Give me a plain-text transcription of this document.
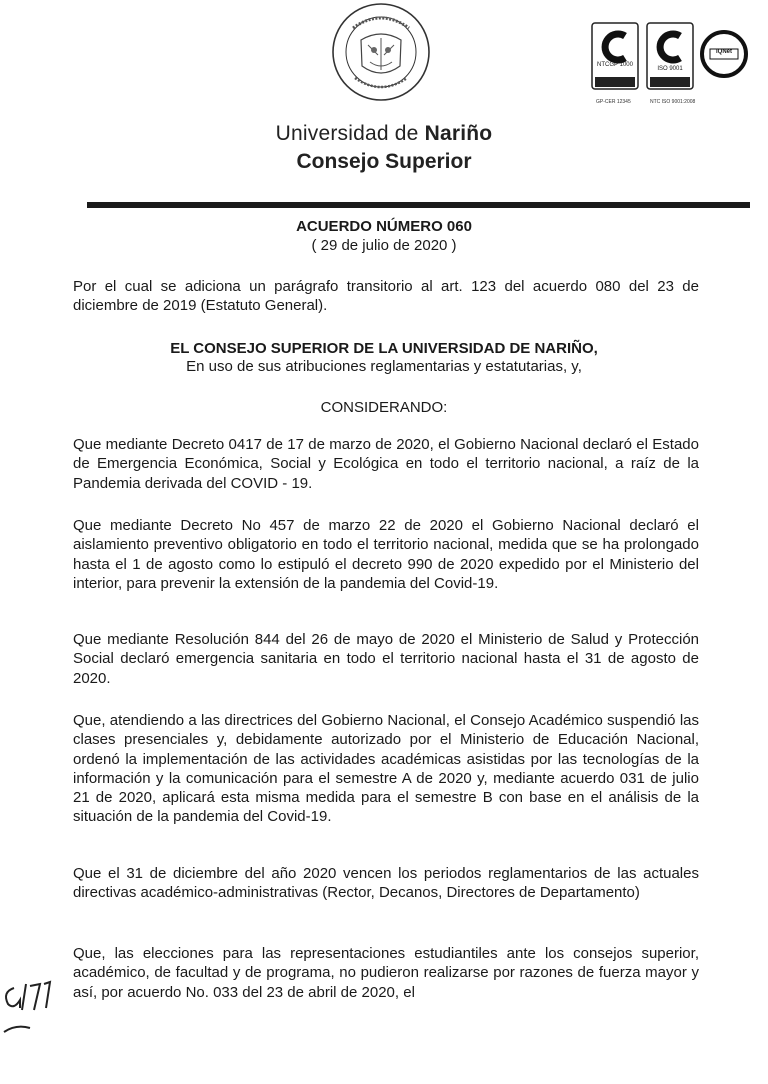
NTCGP 1000
ISO 9001
IQNet
GP-CER 12345	NTC ISO 9001:2008
Universidad de Nariño
Consejo Superior
ACUERDO NÚMERO 060
( 29 de julio de 2020 )
Por el cual se adiciona un parágrafo transitorio al art. 123 del acuerdo 080 del 23 de diciembre de 2019 (Estatuto General).
EL CONSEJO SUPERIOR DE LA UNIVERSIDAD DE NARIÑO,
En uso de sus atribuciones reglamentarias y estatutarias, y,
CONSIDERANDO:
Que mediante Decreto 0417 de 17 de marzo de 2020, el Gobierno Nacional declaró el Estado de Emergencia Económica, Social y Ecológica en todo el territorio nacional, a raíz de la Pandemia derivada del COVID - 19.
Que mediante Decreto No 457 de marzo 22 de 2020 el Gobierno Nacional declaró el aislamiento preventivo obligatorio en todo el territorio nacional, medida que se ha prolongado hasta el 1 de agosto como lo estipuló el decreto 990 de 2020 expedido por el Ministerio del interior, para prevenir la extensión de la pandemia del Covid-19.
Que mediante Resolución 844 del 26 de mayo de 2020 el Ministerio de Salud y Protección Social declaró emergencia sanitaria en todo el territorio nacional hasta el 31 de agosto de 2020.
Que, atendiendo a las directrices del Gobierno Nacional, el Consejo Académico suspendió las clases presenciales y, debidamente autorizado por el Ministerio de Educación Nacional, ordenó la implementación de las actividades académicas asistidas por las tecnologías de la información y la comunicación para el semestre A de 2020 y, mediante acuerdo 031 de julio 21 de 2020, aplicará esta misma medida para el semestre B con base en el análisis de la situación de la pandemia del Covid-19.
Que el 31 de diciembre del año 2020 vencen los periodos reglamentarios de las actuales directivas académico-administrativas (Rector, Decanos, Directores de Departamento)
Que, las elecciones para las representaciones estudiantiles ante los consejos superior, académico, de facultad y de programa, no pudieron realizarse por razones de fuerza mayor y así, por acuerdo No. 033 del 23 de abril de 2020, el
